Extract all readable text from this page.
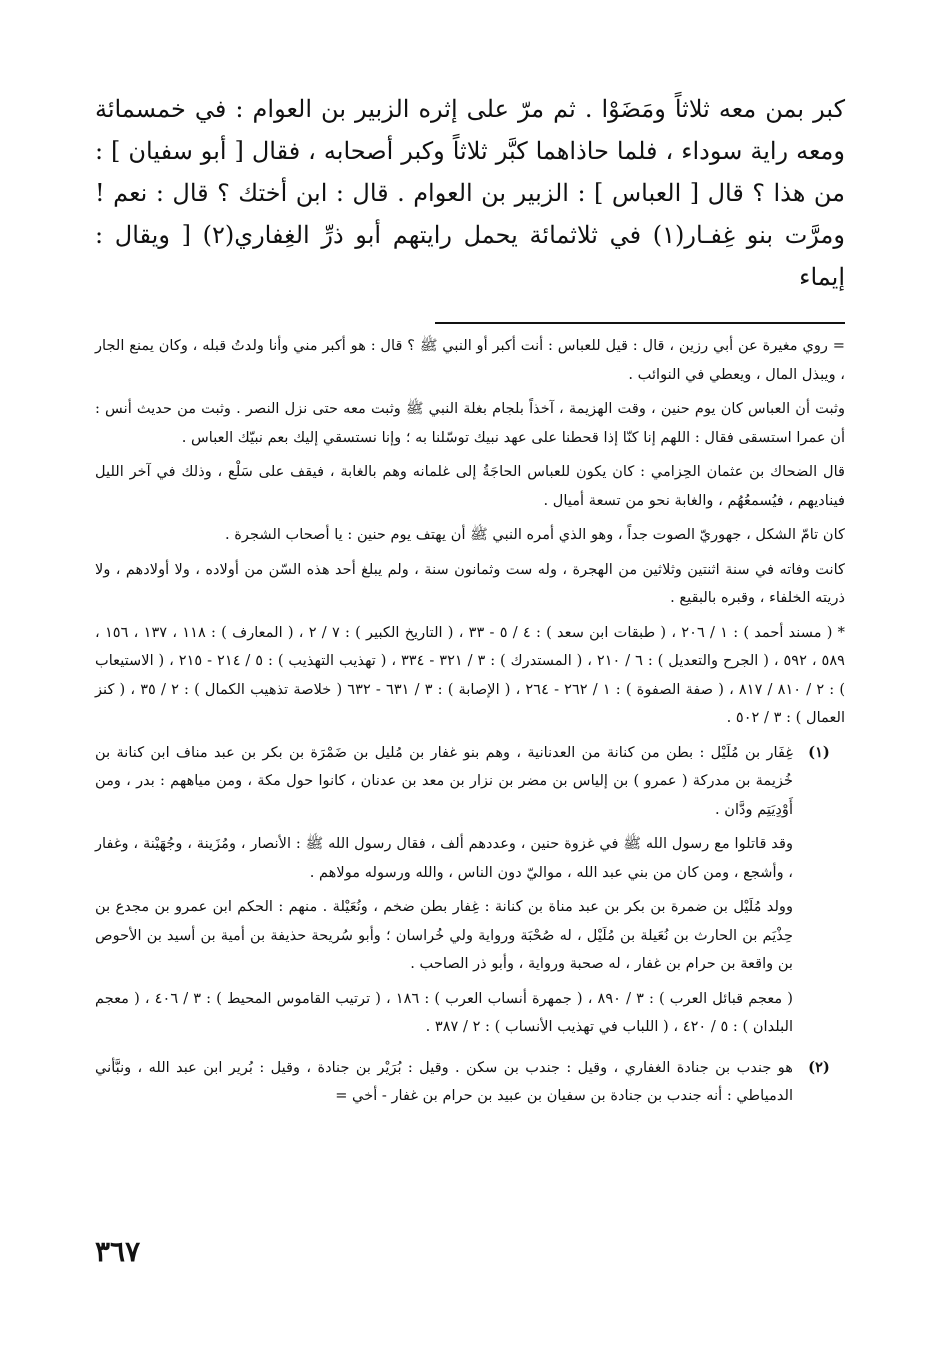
كبر بمن معه ثلاثاً ومَضَوْا . ثم مرّ على إثره الزبير بن العوام : في خمسمائة ومعه راية سوداء ، فلما حاذاهما كبَّر ثلاثاً وكبر أصحابه ، فقال [ أبو سفيان ] : من هذا ؟ قال [ العباس ] : الزبير بن العوام . قال : ابن أختك ؟ قال : نعم ! ومرَّت بنو غِفـار(١) في ثلاثمائة يحمل رايتهم أبو ذرِّ الغِفاري(٢) [ ويقال : إيماء

= روي مغيرة عن أبي رزين ، قال : قيل للعباس : أنت أكبر أو النبي ﷺ ؟ قال : هو أكبر مني وأنا ولدتُ قبله ، وكان يمنع الجار ، ويبذل المال ، ويعطي في النوائب .

وثبت أن العباس كان يوم حنين ، وقت الهزيمة ، آخذاً بلجام بغلة النبي ﷺ وثبت معه حتى نزل النصر . وثبت من حديث أنس : أن عمرا استسقى فقال : اللهم إنا كنّا إذا قحطنا على عهد نبيك توسّلنا به ؛ وإنا نستسقي إليك بعم نبيّك العباس .

قال الضحاك بن عثمان الحِزامي : كان يكون للعباس الحاجَةُ إلى غلمانه وهم بالغابة ، فيقف على سَلْع ، وذلك في آخر الليل فيناديهم ، فيُسمعُهُم ، والغابة نحو من تسعة أميال .

كان تامّ الشكل ، جهوريّ الصوت جداً ، وهو الذي أمره النبي ﷺ أن يهتف يوم حنين : يا أصحاب الشجرة .

كانت وفاته في سنة اثنتين وثلاثين من الهجرة ، وله ست وثمانون سنة ، ولم يبلغ أحد هذه السّن من أولاده ، ولا أولادهم ، ولا ذريته الخلفاء ، وقبره بالبقيع .

* ( مسند أحمد ) : ١ / ٢٠٦ ، ( طبقات ابن سعد ) : ٤ / ٥ - ٣٣ ، ( التاريخ الكبير ) : ٧ / ٢ ، ( المعارف ) : ١١٨ ، ١٣٧ ، ١٥٦ ، ٥٨٩ ، ٥٩٢ ، ( الجرح والتعديل ) : ٦ / ٢١٠ ، ( المستدرك ) : ٣ / ٣٢١ - ٣٣٤ ، ( تهذيب التهذيب ) : ٥ / ٢١٤ - ٢١٥ ، ( الاستيعاب ) : ٢ / ٨١٠ / ٨١٧ ، ( صفة الصفوة ) : ١ / ٢٦٢ - ٢٦٤ ، ( الإصابة ) : ٣ / ٦٣١ - ٦٣٢ ( خلاصة تذهيب الكمال ) : ٢ / ٣٥ ، ( كنز العمال ) : ٣ / ٥٠٢ .

(١)

غِفَار بن مُلَيْل : بطن من كنانة من العدنانية ، وهم بنو غفار بن مُليل بن ضَمْرَة بن بكر بن عبد مناف ابن كنانة بن خُزيمة بن مدركة ( عمرو ) بن إلياس بن مضر بن نزار بن معد بن عدنان ، كانوا حول مكة ، ومن مياههم : بدر ، ومن أَوْدِيَتِم ودَّان .

وقد قاتلوا مع رسول الله ﷺ في غزوة حنين ، وعددهم ألف ، فقال رسول الله ﷺ : الأنصار ، ومُزَينة ، وجُهَيْنة ، وغفار ، وأشجع ، ومن كان من بني عبد الله ، مواليّ دون الناس ، والله ورسوله مولاهم .

وولد مُلَيْل بن ضمرة بن بكر بن عبد مناة بن كنانة : غِفار بطن ضخم ، ونُعَيْلة . منهم : الحكم ابن عمرو بن مجدع بن حِذْيَم بن الحارث بن نُعَيلة بن مُلَيْل ، له صُحْبَة ورواية ولي خُراسان ؛ وأبو سُريحة حذيفة بن أمية بن أسيد بن الأحوص بن واقعة بن حرام بن غفار ، له صحبة ورواية ، وأبو ذر الصاحب .

( معجم قبائل العرب ) : ٣ / ٨٩٠ ، ( جمهرة أنساب العرب ) : ١٨٦ ، ( ترتيب القاموس المحيط ) : ٣ / ٤٠٦ ، ( معجم البلدان ) : ٥ / ٤٢٠ ، ( اللباب في تهذيب الأنساب ) : ٢ / ٣٨٧ .

(٢)

هو جندب بن جنادة الغفاري ، وقيل : جندب بن سكن . وقيل : بُرَيْر بن جنادة ، وقيل : بُرير ابن عبد الله ، ونبَّأني الدمياطي : أنه جندب بن جنادة بن سفيان بن عبيد بن حرام بن غفار - أخي =

٣٦٧
